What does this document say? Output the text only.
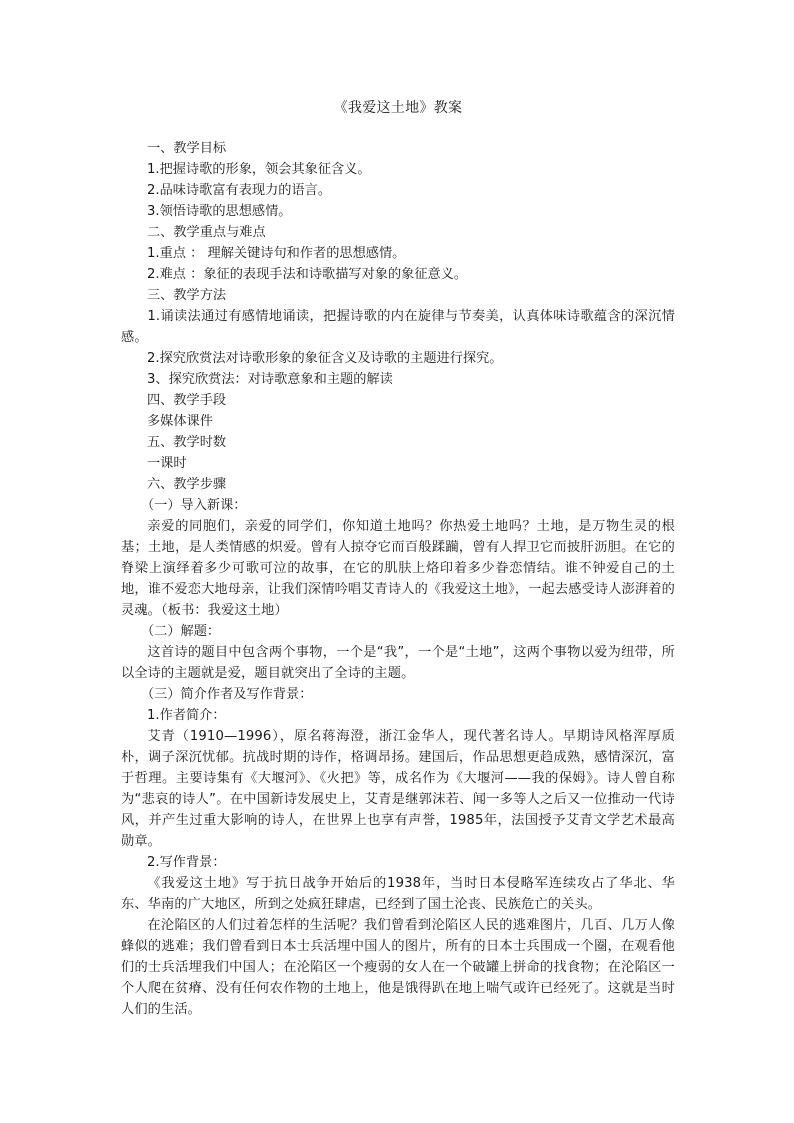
《我爱这土地》教案

一、教学目标

1.把握诗歌的形象，领会其象征含义。

2.品味诗歌富有表现力的语言。

3.领悟诗歌的思想感情。

二、教学重点与难点

1.重点 ： 理解关键诗句和作者的思想感情。

2.难点 ：象征的表现手法和诗歌描写对象的象征意义。

三、教学方法

1.诵读法通过有感情地诵读，把握诗歌的内在旋律与节奏美，认真体味诗歌蕴含的深沉情感。

2.探究欣赏法对诗歌形象的象征含义及诗歌的主题进行探究。

3、探究欣赏法：对诗歌意象和主题的解读

四、教学手段

多媒体课件

五、教学时数

一课时

六、教学步骤

（一）导入新课：

亲爱的同胞们，亲爱的同学们，你知道土地吗？你热爱土地吗？土地，是万物生灵的根基；土地，是人类情感的炽爱。曾有人掠夺它而百般蹂躏，曾有人捍卫它而披肝沥胆。在它的脊梁上演绎着多少可歌可泣的故事，在它的肌肤上烙印着多少眷恋情结。谁不钟爱自己的土地，谁不爱恋大地母亲，让我们深情吟唱艾青诗人的《我爱这土地》，一起去感受诗人澎湃着的灵魂。（板书：我爱这土地）

（二）解题：

这首诗的题目中包含两个事物，一个是“我”，一个是“土地”，这两个事物以爱为纽带，所以全诗的主题就是爱，题目就突出了全诗的主题。

（三）简介作者及写作背景：

1.作者简介：

艾青（1910—1996），原名蒋海澄，浙江金华人，现代著名诗人。早期诗风格浑厚质朴，调子深沉忧郁。抗战时期的诗作，格调昂扬。建国后，作品思想更趋成熟，感情深沉，富于哲理。主要诗集有《大堰河》、《火把》等，成名作为《大堰河——我的保姆》。诗人曾自称为“悲哀的诗人”。在中国新诗发展史上，艾青是继郭沫若、闻一多等人之后又一位推动一代诗风，并产生过重大影响的诗人，在世界上也享有声誉，1985年，法国授予艾青文学艺术最高勋章。

2.写作背景：

《我爱这土地》写于抗日战争开始后的1938年，当时日本侵略军连续攻占了华北、华东、华南的广大地区，所到之处疯狂肆虐，已经到了国土沦丧、民族危亡的关头。

在沦陷区的人们过着怎样的生活呢？我们曾看到沦陷区人民的逃难图片，几百、几万人像蜂似的逃难；我们曾看到日本士兵活埋中国人的图片，所有的日本士兵围成一个圈，在观看他们的士兵活埋我们中国人；在沦陷区一个瘦弱的女人在一个破罐上拼命的找食物；在沦陷区一个人爬在贫瘠、没有任何农作物的土地上，他是饿得趴在地上喘气或许已经死了。这就是当时人们的生活。
